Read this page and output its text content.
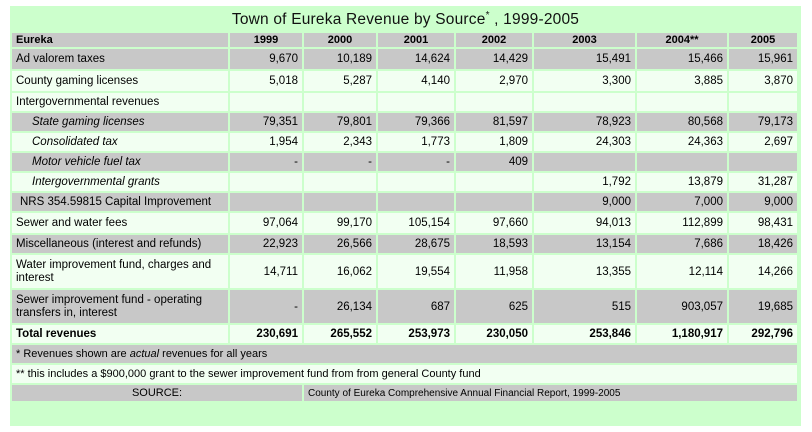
Town of Eureka Revenue by Source* , 1999-2005
Eureka	1999	2000	2001	2002	2003	2004**	2005
Ad valorem taxes	9,670	10,189	14,624	14,429	15,491	15,466	15,961
County gaming licenses	5,018	5,287	4,140	2,970	3,300	3,885	3,870
Intergovernmental revenues							
State gaming licenses	79,351	79,801	79,366	81,597	78,923	80,568	79,173
Consolidated tax	1,954	2,343	1,773	1,809	24,303	24,363	2,697
Motor vehicle fuel tax	-	-	-	409			
Intergovernmental grants					1,792	13,879	31,287
NRS 354.59815 Capital Improvement					9,000	7,000	9,000
Sewer and water fees	97,064	99,170	105,154	97,660	94,013	112,899	98,431
Miscellaneous (interest and refunds)	22,923	26,566	28,675	18,593	13,154	7,686	18,426
Water improvement fund, charges and interest	14,711	16,062	19,554	11,958	13,355	12,114	14,266
Sewer improvement fund - operating transfers in, interest	-	26,134	687	625	515	903,057	19,685
Total revenues	230,691	265,552	253,973	230,050	253,846	1,180,917	292,796
* Revenues shown are actual revenues for all years							
** this includes a $900,000 grant to the sewer improvement fund from from general County fund							
SOURCE:		County of Eureka Comprehensive Annual Financial Report, 1999-2005					
